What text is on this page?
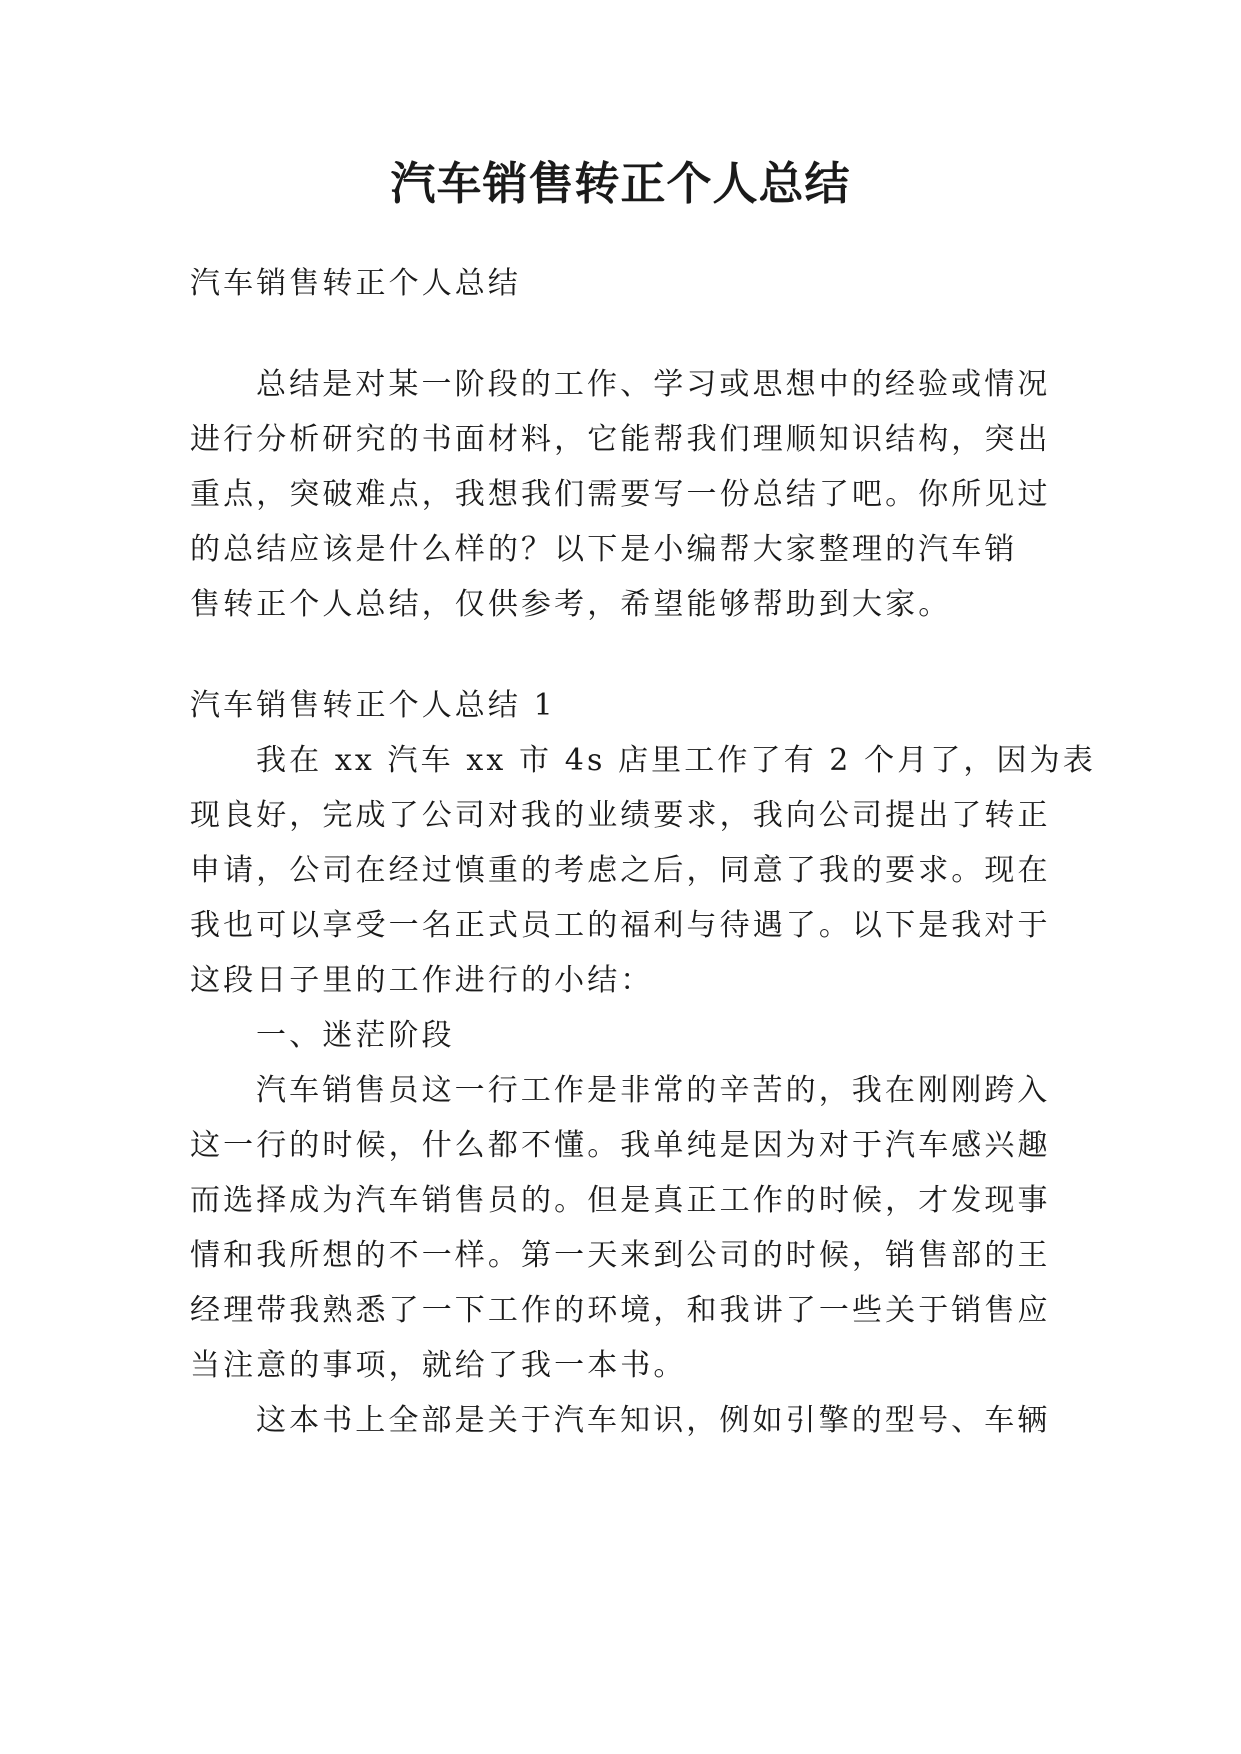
汽车销售转正个人总结
汽车销售转正个人总结
总结是对某一阶段的工作、学习或思想中的经验或情况
进行分析研究的书面材料，它能帮我们理顺知识结构，突出
重点，突破难点，我想我们需要写一份总结了吧。你所见过
的总结应该是什么样的？以下是小编帮大家整理的汽车销
售转正个人总结，仅供参考，希望能够帮助到大家。
汽车销售转正个人总结 1
我在 xx 汽车 xx 市 4s 店里工作了有 2 个月了，因为表
现良好，完成了公司对我的业绩要求，我向公司提出了转正
申请，公司在经过慎重的考虑之后，同意了我的要求。现在
我也可以享受一名正式员工的福利与待遇了。以下是我对于
这段日子里的工作进行的小结：
一、迷茫阶段
汽车销售员这一行工作是非常的辛苦的，我在刚刚跨入
这一行的时候，什么都不懂。我单纯是因为对于汽车感兴趣
而选择成为汽车销售员的。但是真正工作的时候，才发现事
情和我所想的不一样。第一天来到公司的时候，销售部的王
经理带我熟悉了一下工作的环境，和我讲了一些关于销售应
当注意的事项，就给了我一本书。
这本书上全部是关于汽车知识，例如引擎的型号、车辆
